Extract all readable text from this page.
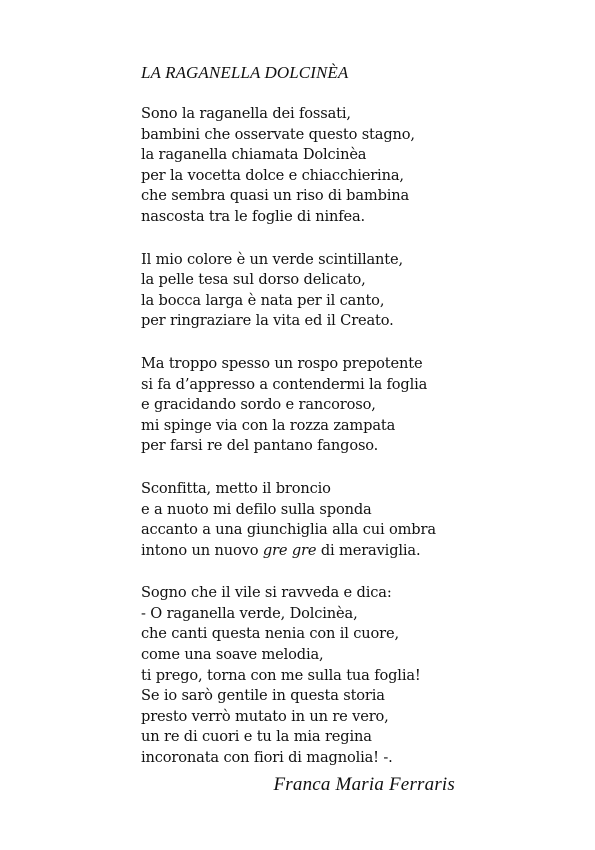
LA RAGANELLA DOLCINÈA
Sono la raganella dei fossati,
bambini che osservate questo stagno,
la raganella chiamata Dolcinèa
per la vocetta dolce e chiacchierina,
che sembra quasi un riso di bambina
nascosta tra le foglie di ninfea.
Il mio colore è un verde scintillante,
la pelle tesa sul dorso delicato,
la bocca larga è nata per il canto,
per ringraziare la vita ed il Creato.
Ma troppo spesso un rospo prepotente
si fa d’appresso a contendermi la foglia
e gracidando sordo e rancoroso,
mi spinge via con la rozza zampata
per farsi re del pantano fangoso.
Sconfitta, metto il broncio
e a nuoto mi defilo sulla sponda
accanto a una giunchiglia alla cui ombra
intono un nuovo gre gre di meraviglia.
Sogno che il vile si ravveda e dica:
- O raganella verde, Dolcinèa,
che canti questa nenia con il cuore,
come una soave melodia,
ti prego, torna con me sulla tua foglia!
Se io sarò gentile in questa storia
presto verrò mutato in un re vero,
un re di cuori e tu la mia regina
incoronata con fiori di magnolia! -.
Franca Maria Ferraris
